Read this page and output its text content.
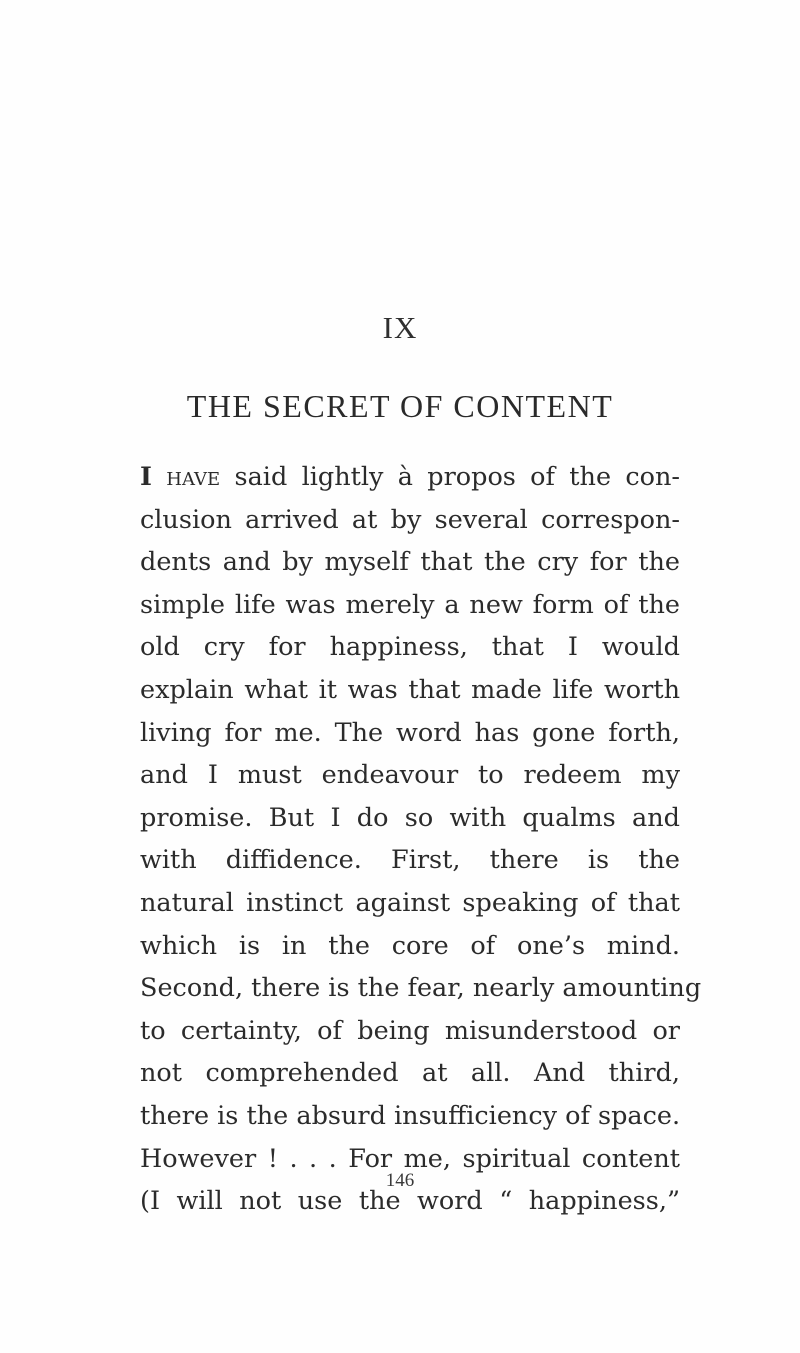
IX
THE SECRET OF CONTENT
I have said lightly à propos of the con-
clusion arrived at by several correspon-
dents and by myself that the cry for the
simple life was merely a new form of the
old cry for happiness, that I would
explain what it was that made life worth
living for me. The word has gone forth,
and I must endeavour to redeem my
promise. But I do so with qualms and
with diffidence. First, there is the
natural instinct against speaking of that
which is in the core of one’s mind.
Second, there is the fear, nearly amounting
to certainty, of being misunderstood or
not comprehended at all. And third,
there is the absurd insufficiency of space.
However ! . . . For me, spiritual content
(I will not use the word “ happiness,”
146
